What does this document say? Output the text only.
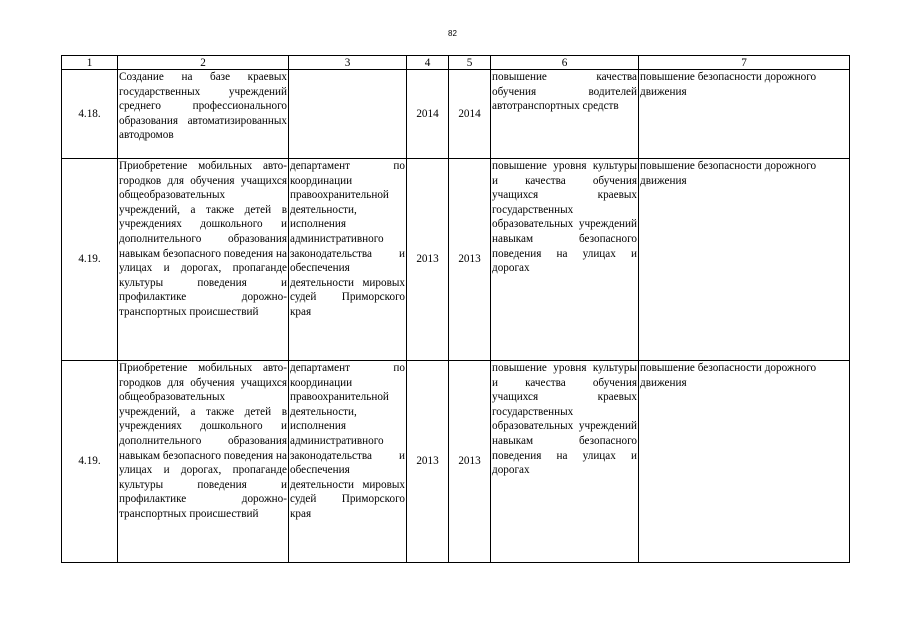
82
1	2	3	4	5	6	7
4.18.	Создание на базе краевых государственных учреждений среднего профессионального образования автоматизированных автодромов		2014	2014	повышение качества обучения водителей автотранспортных средств	повышение безопасности дорожного движения
4.19.	Приобретение мобильных авто-городков для обучения учащихся общеобразовательных учреждений, а также детей в учреждениях дошкольного и дополнительного образования навыкам безопасного поведения на улицах и дорогах, пропаганде культуры поведения и профилактике дорожно-транспортных происшествий	департамент по координации правоохранительной деятельности, исполнения административного законодательства и обеспечения деятельности мировых судей Приморского края	2013	2013	повышение уровня культуры и качества обучения учащихся краевых государственных образовательных учреждений навыкам безопасного поведения на улицах и дорогах	повышение безопасности дорожного движения
4.19.	Приобретение мобильных авто-городков для обучения учащихся общеобразовательных учреждений, а также детей в учреждениях дошкольного и дополнительного образования навыкам безопасного поведения на улицах и дорогах, пропаганде культуры поведения и профилактике дорожно-транспортных происшествий	департамент по координации правоохранительной деятельности, исполнения административного законодательства и обеспечения деятельности мировых судей Приморского края	2013	2013	повышение уровня культуры и качества обучения учащихся краевых государственных образовательных учреждений навыкам безопасного поведения на улицах и дорогах	повышение безопасности дорожного движения
